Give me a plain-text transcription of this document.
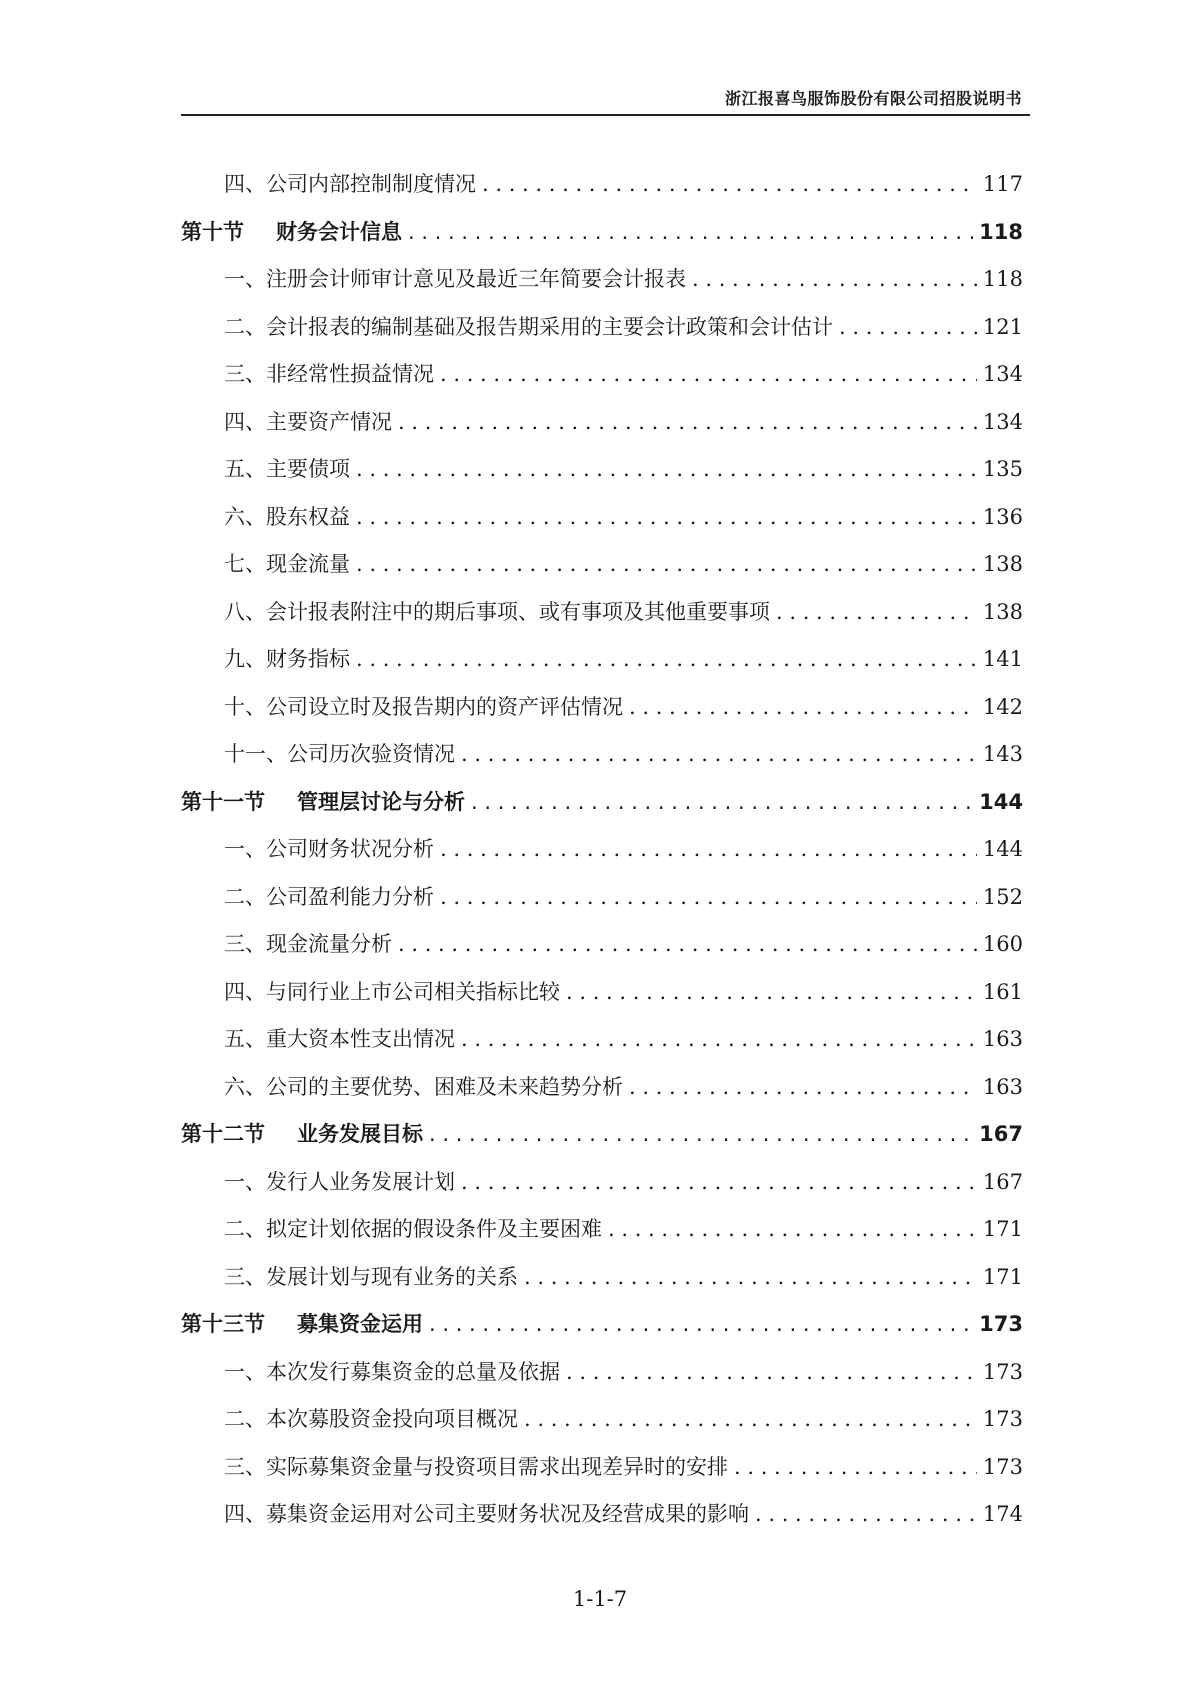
浙江报喜鸟服饰股份有限公司招股说明书
四、公司内部控制制度情况 . . .	117
第十节 财务会计信息 . . .	118
一、注册会计师审计意见及最近三年简要会计报表 . . .	118
二、会计报表的编制基础及报告期采用的主要会计政策和会计估计 . . .	121
三、非经常性损益情况 . . .	134
四、主要资产情况 . . .	134
五、主要债项 . . .	135
六、股东权益 . . .	136
七、现金流量 . . .	138
八、会计报表附注中的期后事项、或有事项及其他重要事项 . . .	138
九、财务指标 . . .	141
十、公司设立时及报告期内的资产评估情况 . . .	142
十一、公司历次验资情况 . . .	143
第十一节 管理层讨论与分析 . . .	144
一、公司财务状况分析 . . .	144
二、公司盈利能力分析 . . .	152
三、现金流量分析 . . .	160
四、与同行业上市公司相关指标比较 . . .	161
五、重大资本性支出情况 . . .	163
六、公司的主要优势、困难及未来趋势分析 . . .	163
第十二节 业务发展目标 . . .	167
一、发行人业务发展计划 . . .	167
二、拟定计划依据的假设条件及主要困难 . . .	171
三、发展计划与现有业务的关系 . . .	171
第十三节 募集资金运用 . . .	173
一、本次发行募集资金的总量及依据 . . .	173
二、本次募股资金投向项目概况 . . .	173
三、实际募集资金量与投资项目需求出现差异时的安排 . . .	173
四、募集资金运用对公司主要财务状况及经营成果的影响 . . .	174
1-1-7
